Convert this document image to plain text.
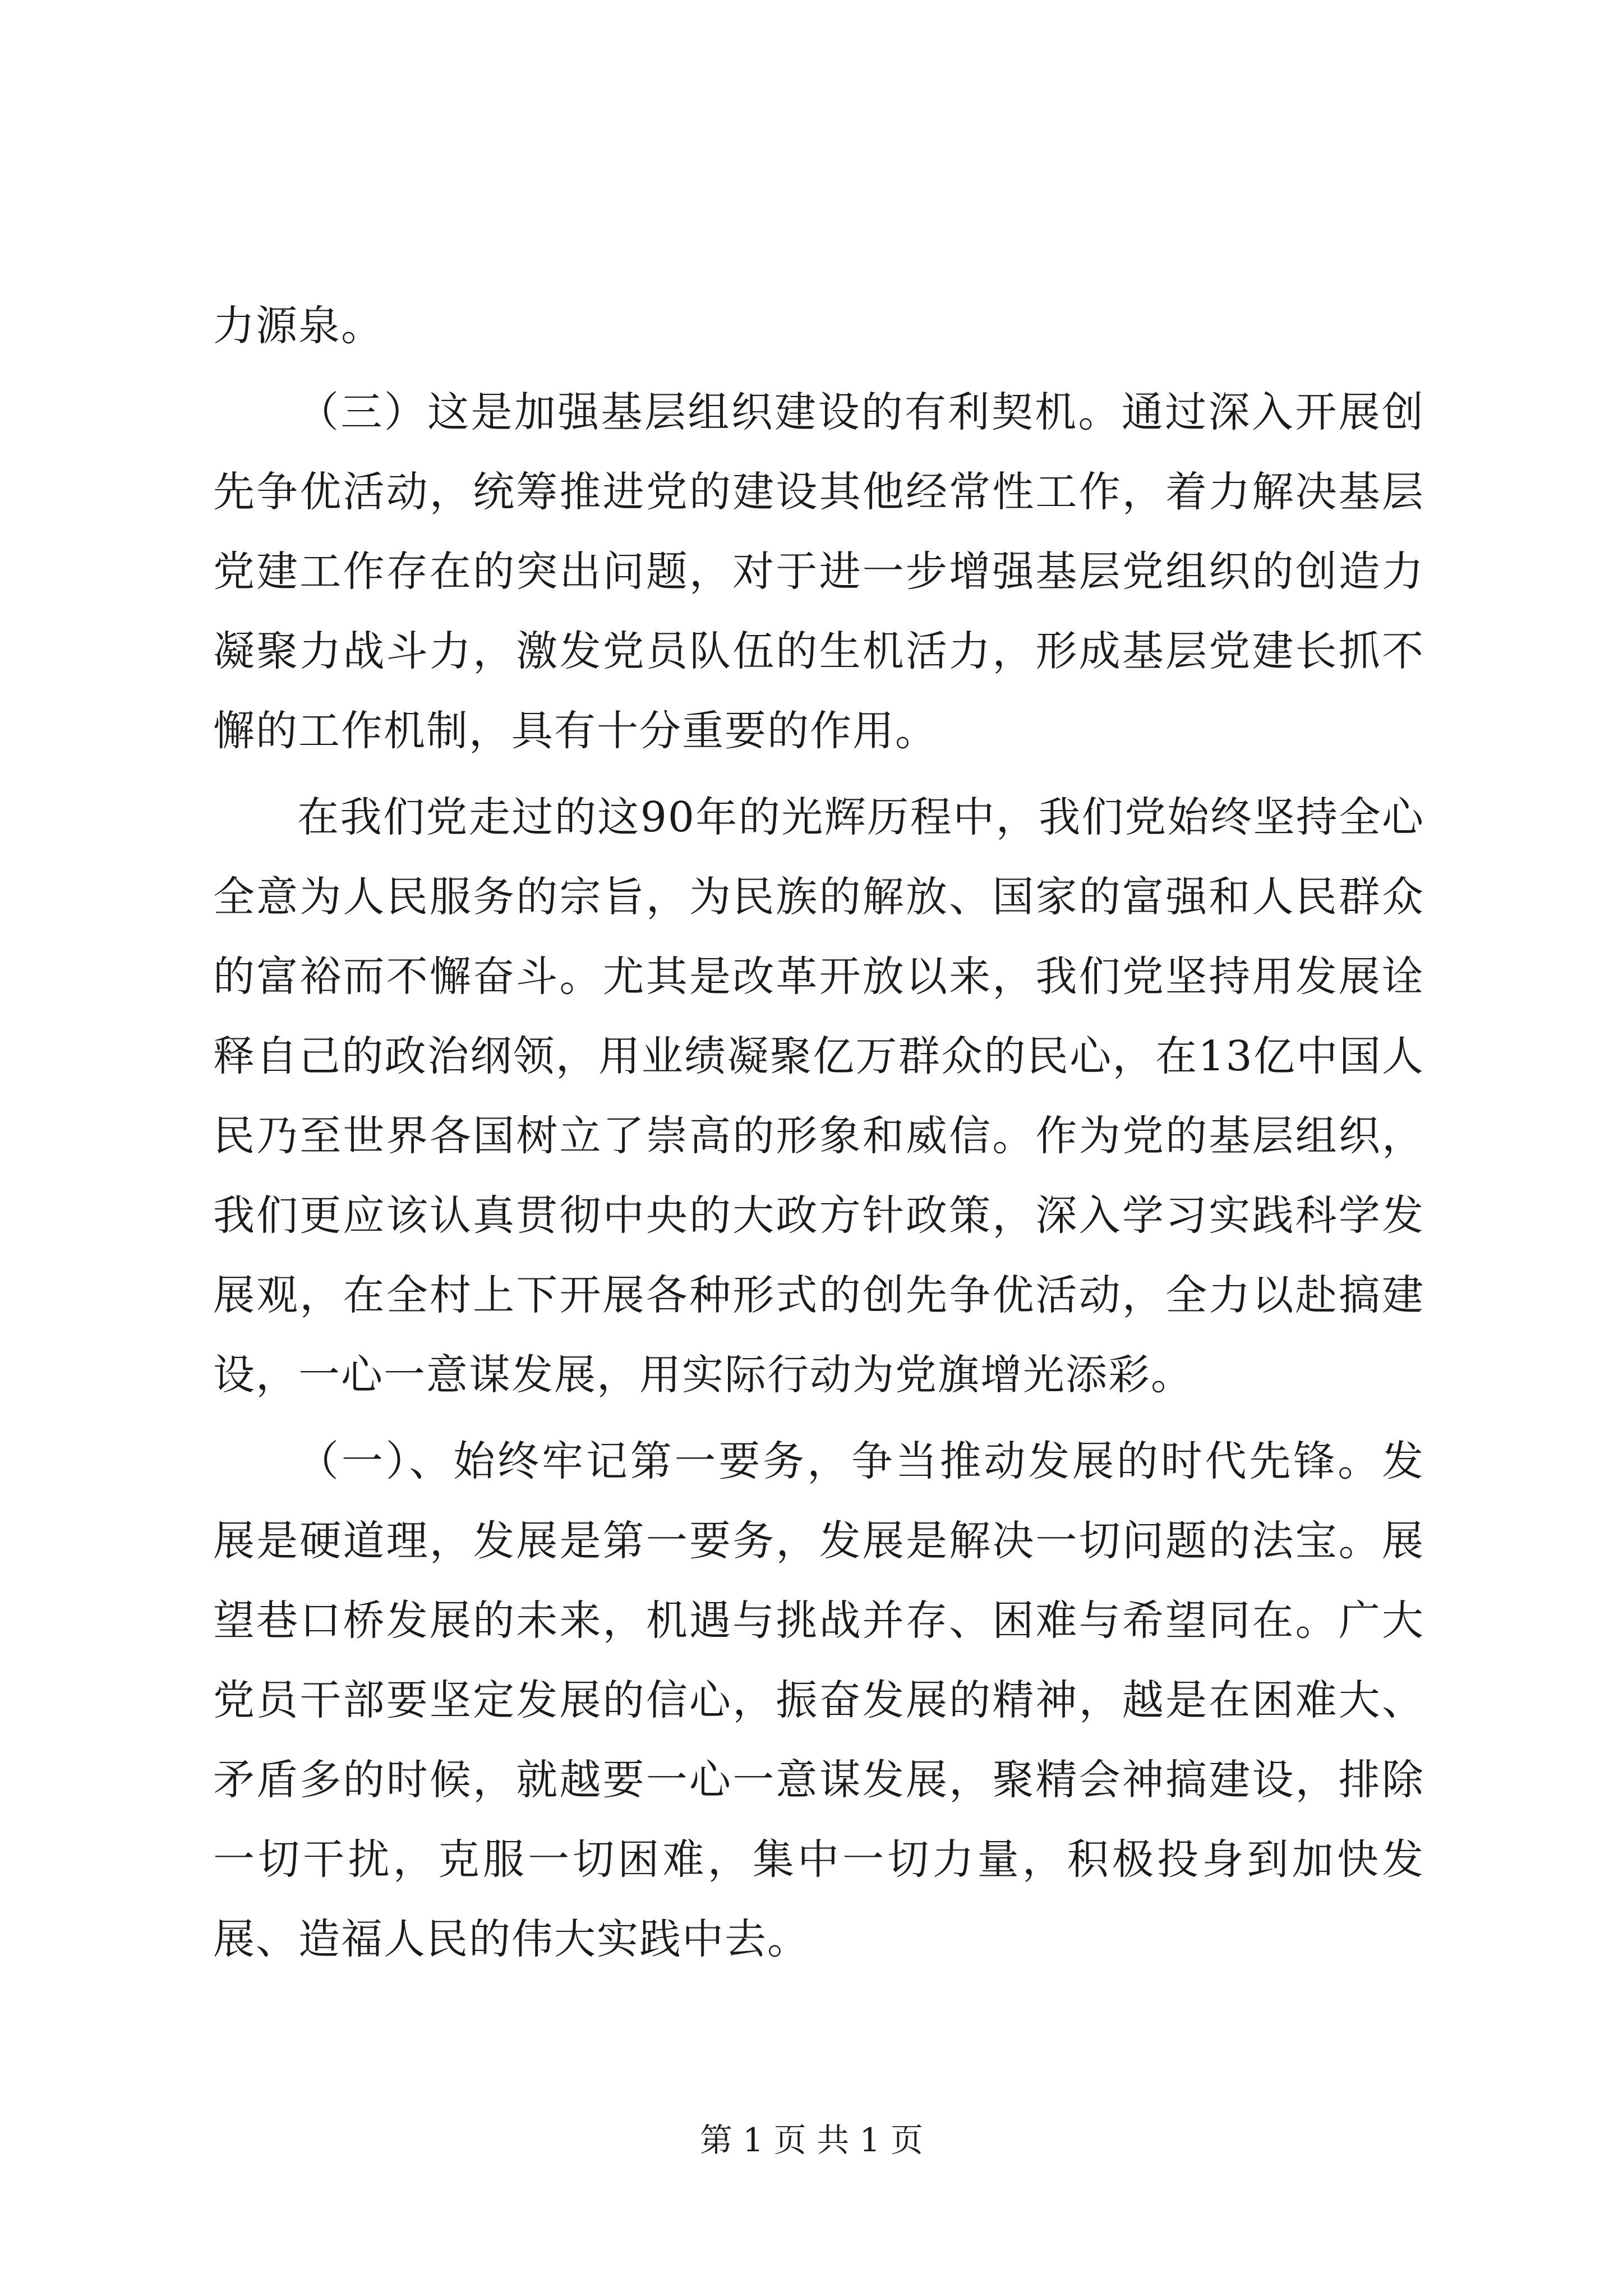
力源泉。

（三）这是加强基层组织建设的有利契机。通过深入开展创先争优活动，统筹推进党的建设其他经常性工作，着力解决基层党建工作存在的突出问题，对于进一步增强基层党组织的创造力凝聚力战斗力，激发党员队伍的生机活力，形成基层党建长抓不懈的工作机制，具有十分重要的作用。

在我们党走过的这90年的光辉历程中，我们党始终坚持全心全意为人民服务的宗旨，为民族的解放、国家的富强和人民群众的富裕而不懈奋斗。尤其是改革开放以来，我们党坚持用发展诠释自己的政治纲领，用业绩凝聚亿万群众的民心，在13亿中国人民乃至世界各国树立了崇高的形象和威信。作为党的基层组织，我们更应该认真贯彻中央的大政方针政策，深入学习实践科学发展观，在全村上下开展各种形式的创先争优活动，全力以赴搞建设，一心一意谋发展，用实际行动为党旗增光添彩。

（一）、始终牢记第一要务，争当推动发展的时代先锋。发展是硬道理，发展是第一要务，发展是解决一切问题的法宝。展望巷口桥发展的未来，机遇与挑战并存、困难与希望同在。广大党员干部要坚定发展的信心，振奋发展的精神，越是在困难大、矛盾多的时候，就越要一心一意谋发展，聚精会神搞建设，排除一切干扰，克服一切困难，集中一切力量，积极投身到加快发展、造福人民的伟大实践中去。

第 1 页 共 1 页
